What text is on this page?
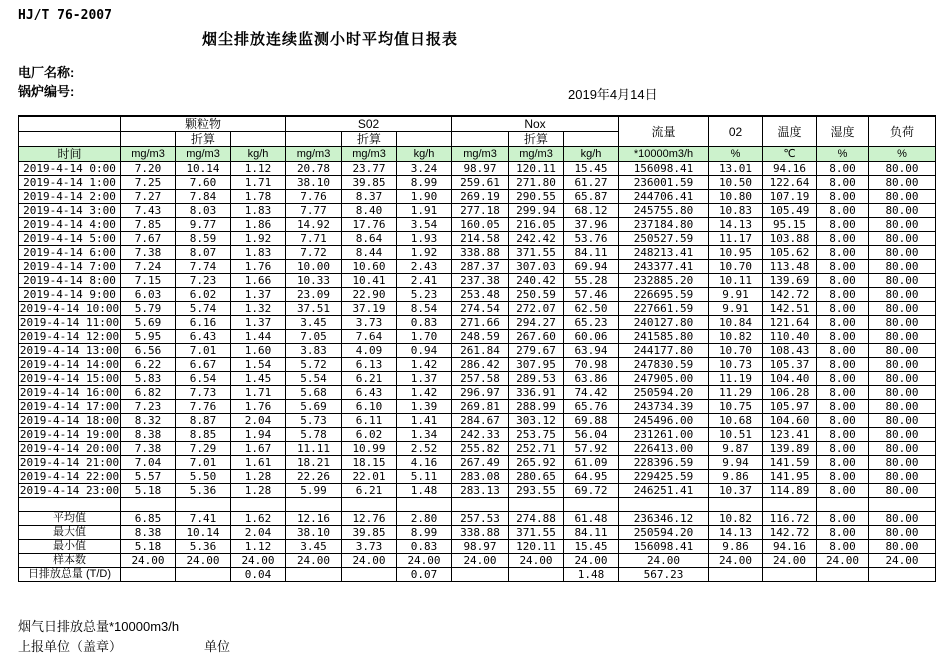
HJ/T 76-2007
烟尘排放连续监测小时平均值日报表
电厂名称:
锅炉编号:	2019年4月14日
	颗粒物			S02			Nox			流量	02	温度	湿度	负荷
		折算			折算			折算						
时间	mg/m3	mg/m3	kg/h	mg/m3	mg/m3	kg/h	mg/m3	mg/m3	kg/h	*10000m3/h	%	℃	%	%
2019-4-14 0:00	7.20	10.14	1.12	20.78	23.77	3.24	98.97	120.11	15.45	156098.41	13.01	94.16	8.00	80.00
2019-4-14 1:00	7.25	7.60	1.71	38.10	39.85	8.99	259.61	271.80	61.27	236001.59	10.50	122.64	8.00	80.00
2019-4-14 2:00	7.27	7.84	1.78	7.76	8.37	1.90	269.19	290.55	65.87	244706.41	10.80	107.19	8.00	80.00
2019-4-14 3:00	7.43	8.03	1.83	7.77	8.40	1.91	277.18	299.94	68.12	245755.80	10.83	105.49	8.00	80.00
2019-4-14 4:00	7.85	9.77	1.86	14.92	17.76	3.54	160.05	216.05	37.96	237184.80	14.13	95.15	8.00	80.00
2019-4-14 5:00	7.67	8.59	1.92	7.71	8.64	1.93	214.58	242.42	53.76	250527.59	11.17	103.88	8.00	80.00
2019-4-14 6:00	7.38	8.07	1.83	7.72	8.44	1.92	338.88	371.55	84.11	248213.41	10.95	105.62	8.00	80.00
2019-4-14 7:00	7.24	7.74	1.76	10.00	10.60	2.43	287.37	307.03	69.94	243377.41	10.70	113.48	8.00	80.00
2019-4-14 8:00	7.15	7.23	1.66	10.33	10.41	2.41	237.38	240.42	55.28	232885.20	10.11	139.69	8.00	80.00
2019-4-14 9:00	6.03	6.02	1.37	23.09	22.90	5.23	253.48	250.59	57.46	226695.59	9.91	142.72	8.00	80.00
2019-4-14 10:00	5.79	5.74	1.32	37.51	37.19	8.54	274.54	272.07	62.50	227661.59	9.91	142.51	8.00	80.00
2019-4-14 11:00	5.69	6.16	1.37	3.45	3.73	0.83	271.66	294.27	65.23	240127.80	10.84	121.64	8.00	80.00
2019-4-14 12:00	5.95	6.43	1.44	7.05	7.64	1.70	248.59	267.60	60.06	241585.80	10.82	110.40	8.00	80.00
2019-4-14 13:00	6.56	7.01	1.60	3.83	4.09	0.94	261.84	279.67	63.94	244177.80	10.70	108.43	8.00	80.00
2019-4-14 14:00	6.22	6.67	1.54	5.72	6.13	1.42	286.42	307.95	70.98	247830.59	10.73	105.37	8.00	80.00
2019-4-14 15:00	5.83	6.54	1.45	5.54	6.21	1.37	257.58	289.53	63.86	247905.00	11.19	104.40	8.00	80.00
2019-4-14 16:00	6.82	7.73	1.71	5.68	6.43	1.42	296.97	336.91	74.42	250594.20	11.29	106.28	8.00	80.00
2019-4-14 17:00	7.23	7.76	1.76	5.69	6.10	1.39	269.81	288.99	65.76	243734.39	10.75	105.97	8.00	80.00
2019-4-14 18:00	8.32	8.87	2.04	5.73	6.11	1.41	284.67	303.12	69.88	245496.00	10.68	104.60	8.00	80.00
2019-4-14 19:00	8.38	8.85	1.94	5.78	6.02	1.34	242.33	253.75	56.04	231261.00	10.51	123.41	8.00	80.00
2019-4-14 20:00	7.38	7.29	1.67	11.11	10.99	2.52	255.82	252.71	57.92	226413.00	9.87	139.89	8.00	80.00
2019-4-14 21:00	7.04	7.01	1.61	18.21	18.15	4.16	267.49	265.92	61.09	228396.59	9.94	141.59	8.00	80.00
2019-4-14 22:00	5.57	5.50	1.28	22.26	22.01	5.11	283.08	280.65	64.95	229425.59	9.86	141.95	8.00	80.00
2019-4-14 23:00	5.18	5.36	1.28	5.99	6.21	1.48	283.13	293.55	69.72	246251.41	10.37	114.89	8.00	80.00

平均值	6.85	7.41	1.62	12.16	12.76	2.80	257.53	274.88	61.48	236346.12	10.82	116.72	8.00	80.00
最大值	8.38	10.14	2.04	38.10	39.85	8.99	338.88	371.55	84.11	250594.20	14.13	142.72	8.00	80.00
最小值	5.18	5.36	1.12	3.45	3.73	0.83	98.97	120.11	15.45	156098.41	9.86	94.16	8.00	80.00
样本数	24.00	24.00	24.00	24.00	24.00	24.00	24.00	24.00	24.00	24.00	24.00	24.00	24.00	24.00
日排放总量 (T/D)			0.04			0.07			1.48	567.23				
烟气日排放总量*10000m3/h
上报单位（盖章）	单位
